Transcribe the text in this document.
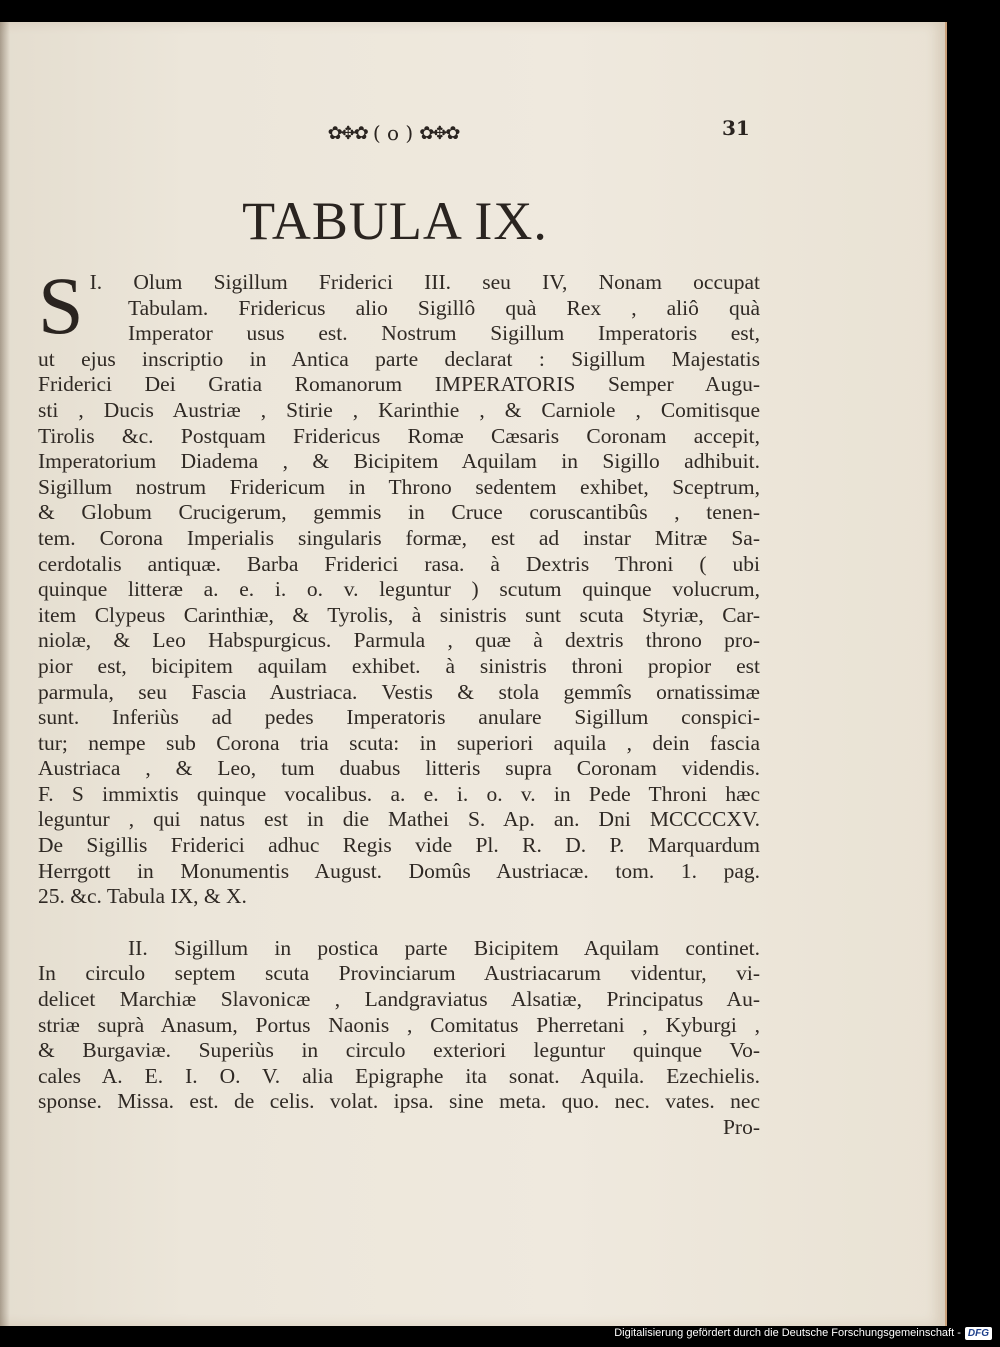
✿✥✿ ( o ) ✿✥✿	31
TABULA IX.
I.
S Olum Sigillum Friderici III. seu IV, Nonam occupat
Tabulam. Fridericus alio Sigillô quà Rex , aliô quà
Imperator usus est. Nostrum Sigillum Imperatoris est,
ut ejus inscriptio in Antica parte declarat : Sigillum Majestatis
Friderici Dei Gratia Romanorum IMPERATORIS Semper Augu-
sti , Ducis Austriæ , Stirie , Karinthie , & Carniole , Comitisque
Tirolis &c. Postquam Fridericus Romæ Cæsaris Coronam accepit,
Imperatorium Diadema , & Bicipitem Aquilam in Sigillo adhibuit.
Sigillum nostrum Fridericum in Throno sedentem exhibet, Sceptrum,
& Globum Crucigerum, gemmis in Cruce coruscantibûs , tenen-
tem. Corona Imperialis singularis formæ, est ad instar Mitræ Sa-
cerdotalis antiquæ. Barba Friderici rasa. à Dextris Throni ( ubi
quinque litteræ a. e. i. o. v. leguntur ) scutum quinque volucrum,
item Clypeus Carinthiæ, & Tyrolis, à sinistris sunt scuta Styriæ, Car-
niolæ, & Leo Habspurgicus. Parmula , quæ à dextris throno pro-
pior est, bicipitem aquilam exhibet. à sinistris throni propior est
parmula, seu Fascia Austriaca. Vestis & stola gemmîs ornatissimæ
sunt. Inferiùs ad pedes Imperatoris anulare Sigillum conspici-
tur; nempe sub Corona tria scuta: in superiori aquila , dein fascia
Austriaca , & Leo, tum duabus litteris supra Coronam videndis.
F. S immixtis quinque vocalibus. a. e. i. o. v. in Pede Throni hæc
leguntur , qui natus est in die Mathei S. Ap. an. Dni MCCCCXV.
De Sigillis Friderici adhuc Regis vide Pl. R. D. P. Marquardum
Herrgott in Monumentis August. Domûs Austriacæ. tom. 1. pag.
25. &c. Tabula IX, & X.
II. Sigillum in postica parte Bicipitem Aquilam continet.
In circulo septem scuta Provinciarum Austriacarum videntur, vi-
delicet Marchiæ Slavonicæ , Landgraviatus Alsatiæ, Principatus Au-
striæ suprà Anasum, Portus Naonis , Comitatus Pherretani , Kyburgi ,
& Burgaviæ. Superiùs in circulo exteriori leguntur quinque Vo-
cales A. E. I. O. V. alia Epigraphe ita sonat. Aquila. Ezechielis.
sponse. Missa. est. de celis. volat. ipsa. sine meta. quo. nec. vates. nec
Pro-
Digitalisierung gefördert durch die Deutsche Forschungsgemeinschaft - DFG
